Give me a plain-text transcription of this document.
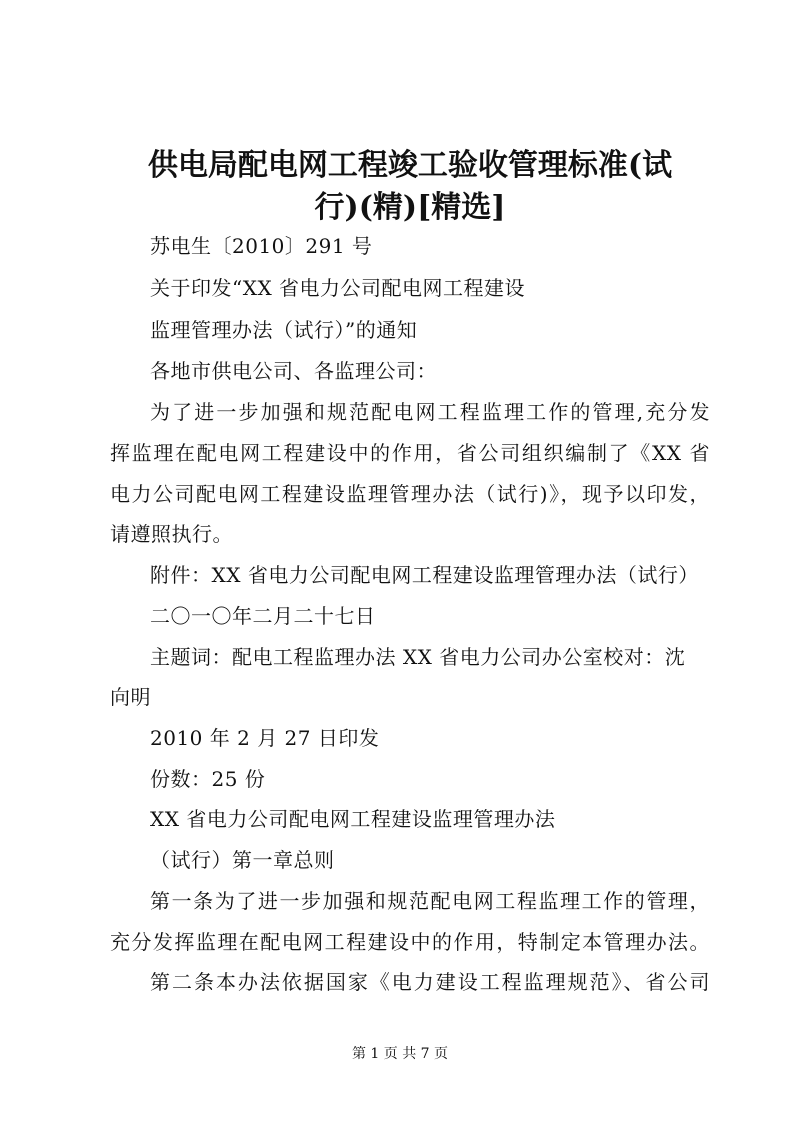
供电局配电网工程竣工验收管理标准(试
行)(精)[精选]
苏电生〔2010〕291 号
关于印发“XX 省电力公司配电网工程建设
监理管理办法（试行）”的通知
各地市供电公司、各监理公司：
为了进一步加强和规范配电网工程监理工作的管理,充分发
挥监理在配电网工程建设中的作用，省公司组织编制了《XX 省
电力公司配电网工程建设监理管理办法（试行)》，现予以印发，
请遵照执行。
附件：XX 省电力公司配电网工程建设监理管理办法（试行）
二〇一〇年二月二十七日
主题词：配电工程监理办法 XX 省电力公司办公室校对：沈
向明
2010 年 2 月 27 日印发
份数：25 份
XX 省电力公司配电网工程建设监理管理办法
（试行）第一章总则
第一条为了进一步加强和规范配电网工程监理工作的管理，
充分发挥监理在配电网工程建设中的作用，特制定本管理办法。
第二条本办法依据国家《电力建设工程监理规范》、省公司
第 1 页 共 7 页
